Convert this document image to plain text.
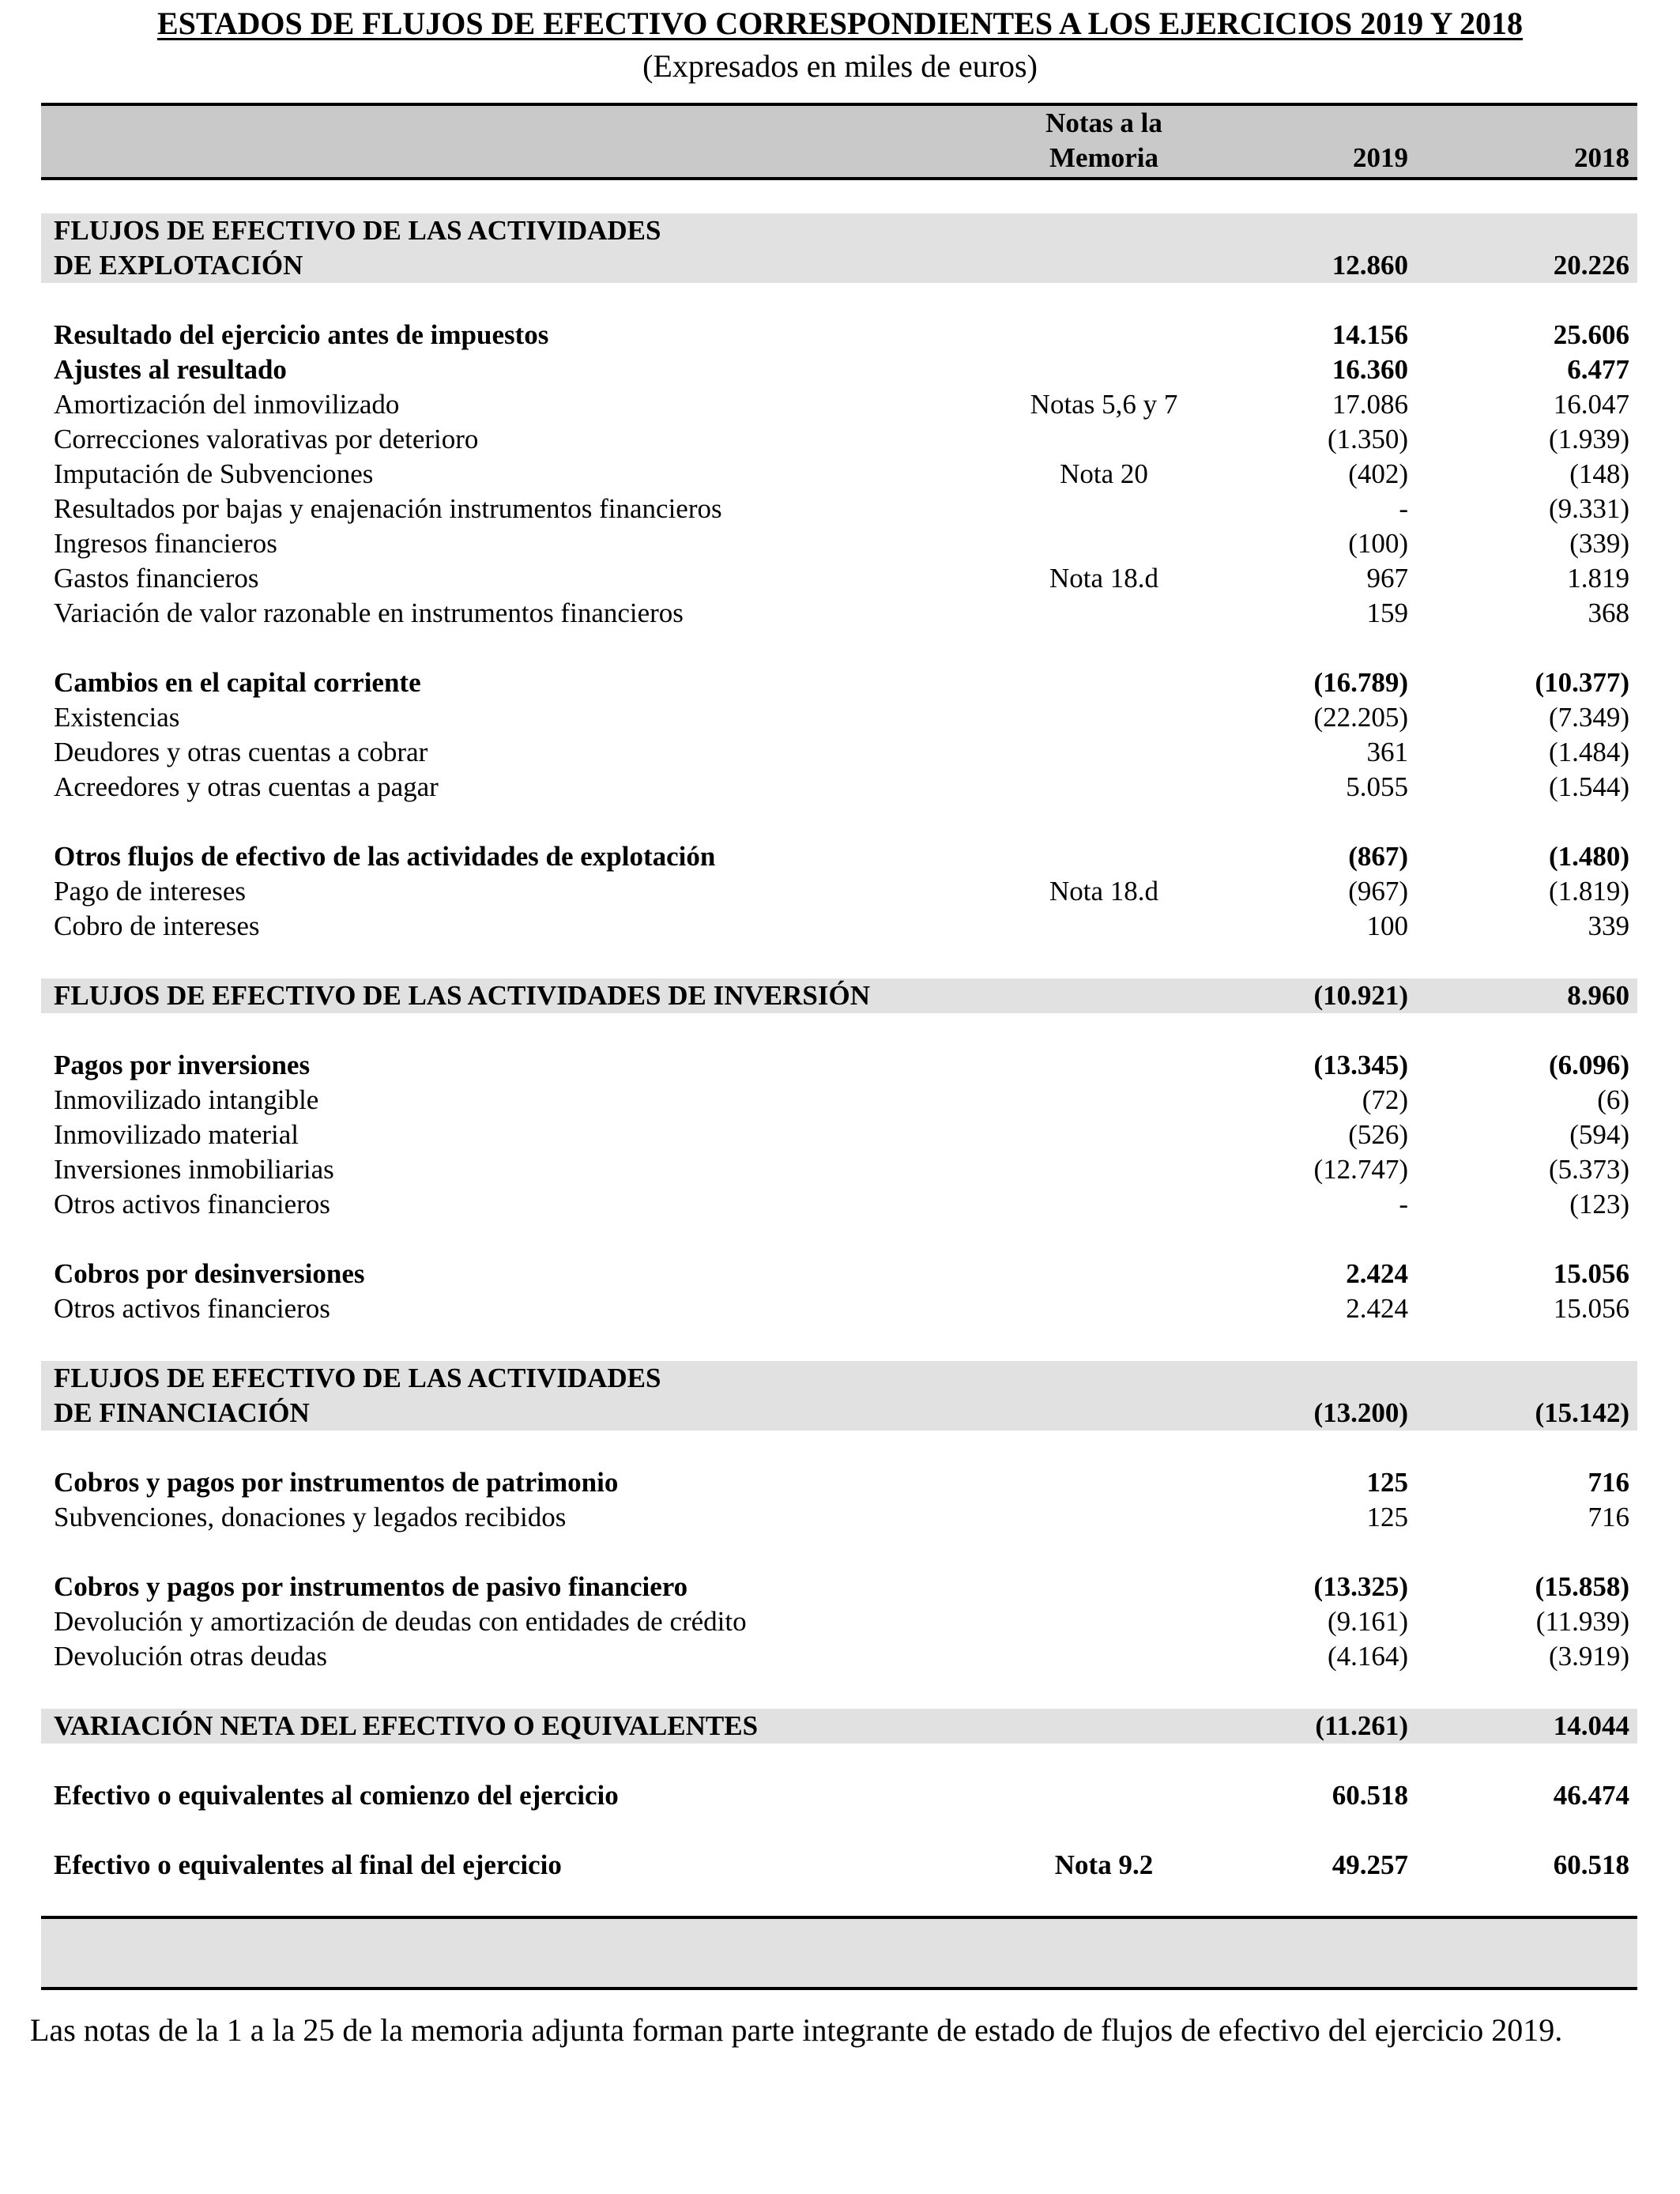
ESTADOS DE FLUJOS DE EFECTIVO CORRESPONDIENTES A LOS EJERCICIOS 2019 Y 2018
(Expresados en miles de euros)
Notas a la
Memoria	2019	2018
FLUJOS DE EFECTIVO DE LAS ACTIVIDADES
DE EXPLOTACIÓN	12.860	20.226
Resultado del ejercicio antes de impuestos	14.156	25.606
Ajustes al resultado	16.360	6.477
Amortización del inmovilizado	Notas 5,6 y 7	17.086	16.047
Correcciones valorativas por deterioro	(1.350)	(1.939)
Imputación de Subvenciones	Nota 20	(402)	(148)
Resultados por bajas y enajenación instrumentos financieros	-	(9.331)
Ingresos financieros	(100)	(339)
Gastos financieros	Nota 18.d	967	1.819
Variación de valor razonable en instrumentos financieros	159	368
Cambios en el capital corriente	(16.789)	(10.377)
Existencias	(22.205)	(7.349)
Deudores y otras cuentas a cobrar	361	(1.484)
Acreedores y otras cuentas a pagar	5.055	(1.544)
Otros flujos de efectivo de las actividades de explotación	(867)	(1.480)
Pago de intereses	Nota 18.d	(967)	(1.819)
Cobro de intereses	100	339
FLUJOS DE EFECTIVO DE LAS ACTIVIDADES DE INVERSIÓN	(10.921)	8.960
Pagos por inversiones	(13.345)	(6.096)
Inmovilizado intangible	(72)	(6)
Inmovilizado material	(526)	(594)
Inversiones inmobiliarias	(12.747)	(5.373)
Otros activos financieros	-	(123)
Cobros por desinversiones	2.424	15.056
Otros activos financieros	2.424	15.056
FLUJOS DE EFECTIVO DE LAS ACTIVIDADES
DE FINANCIACIÓN	(13.200)	(15.142)
Cobros y pagos por instrumentos de patrimonio	125	716
Subvenciones, donaciones y legados recibidos	125	716
Cobros y pagos por instrumentos de pasivo financiero	(13.325)	(15.858)
Devolución y amortización de deudas con entidades de crédito	(9.161)	(11.939)
Devolución otras deudas	(4.164)	(3.919)
VARIACIÓN NETA DEL EFECTIVO O EQUIVALENTES	(11.261)	14.044
Efectivo o equivalentes al comienzo del ejercicio	60.518	46.474
Efectivo o equivalentes al final del ejercicio	Nota 9.2	49.257	60.518
Las notas de la 1 a la 25 de la memoria adjunta forman parte integrante de estado de flujos de efectivo del ejercicio 2019.
